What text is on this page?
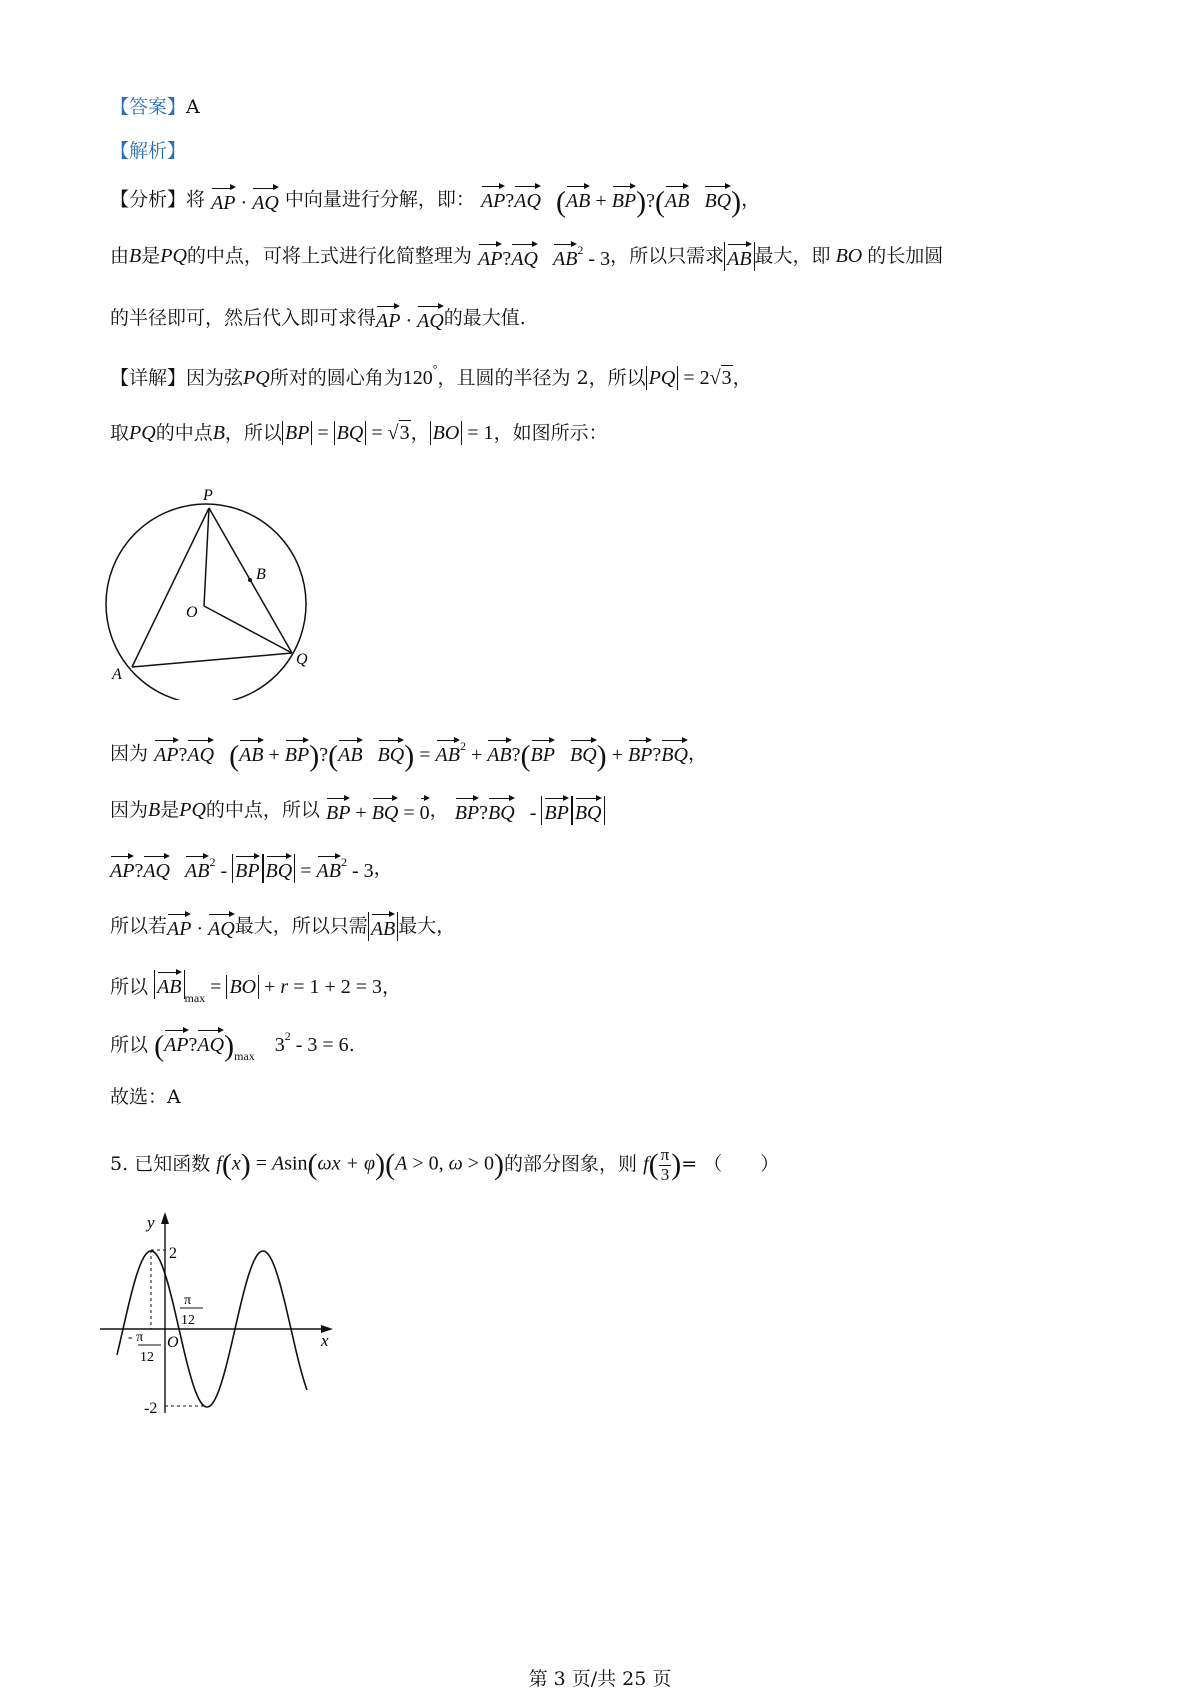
【答案】A
【解析】
【分析】将 AP · AQ 中向量进行分解，即： AP?AQ (AB + BP)?(AB BQ)，
由B是PQ的中点，可将上式进行化简整理为 AP?AQ $AB^2 - 3$，所以只需求 AB 最大，即 BO 的长加圆
的半径即可，然后代入即可求得AP · AQ的最大值.
【详解】因为弦PQ所对的圆心角为120°，且圆的半径为 2，所以 PQ = 2√3，
取PQ的中点B，所以 BP = BQ = √3， BO = 1，如图所示：
P
B
O
Q
A
因为 AP?AQ (AB + BP)?(AB $BQ) = AB^2$ + AB?(BP BQ) + BP?BQ，
因为B是PQ的中点，所以 BP + BQ = 0， BP?BQ - BP BQ
AP?AQ $AB^2$ - BP BQ = $AB^2 - 3$，
所以若AP · AQ最大，所以只需 AB 最大，
所以 AB $_{max}$ = BO + r = 1 + 2 = 3，
所以 $(AP?AQ)_{max}$ $3^2 - 3 = 6$.
故选：A
5. 已知函数 f(x) = Asin(ωx + φ)(A > 0, ω > 0)的部分图象，则 $f( \frac{\pi}{3}$ )= （　　）
y
x
O
2
-2
π
12
- π
12
第 3 页/共 25 页
